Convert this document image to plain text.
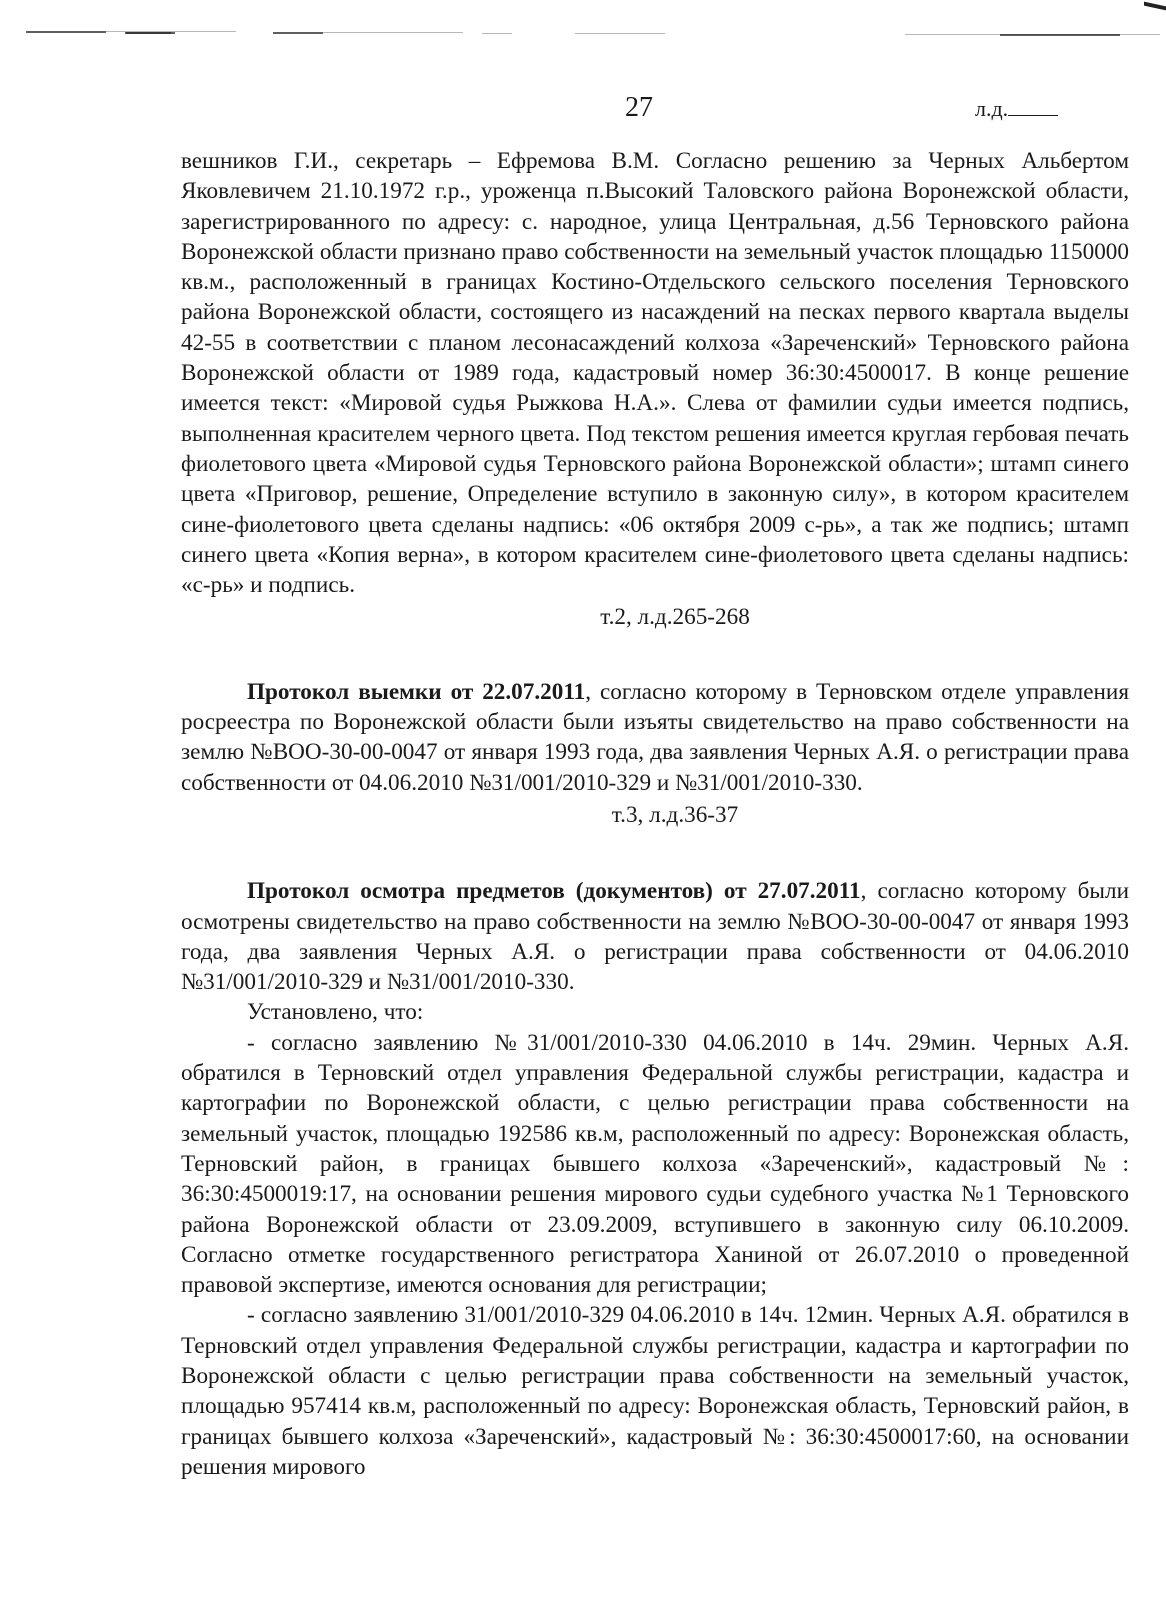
27	л.д.

вешников Г.И., секретарь – Ефремова В.М. Согласно решению за Черных Альбертом Яковлевичем 21.10.1972 г.р., уроженца п.Высокий Таловского района Воронежской области, зарегистрированного по адресу: с. народное, улица Центральная, д.56 Терновского района Воронежской области признано право собственности на земельный участок площадью 1150000 кв.м., расположенный в границах Костино-Отдельского сельского поселения Терновского района Воронежской области, состоящего из насаждений на песках первого квартала выделы 42-55 в соответствии с планом лесонасаждений колхоза «Зареченский» Терновского района Воронежской области от 1989 года, кадастровый номер 36:30:4500017. В конце решение имеется текст: «Мировой судья Рыжкова Н.А.». Слева от фамилии судьи имеется подпись, выполненная красителем черного цвета. Под текстом решения имеется круглая гербовая печать фиолетового цвета «Мировой судья Терновского района Воронежской области»; штамп синего цвета «Приговор, решение, Определение вступило в законную силу», в котором красителем сине-фиолетового цвета сделаны надпись: «06 октября 2009 с-рь», а так же подпись; штамп синего цвета «Копия верна», в котором красителем сине-фиолетового цвета сделаны надпись: «с-рь» и подпись.

т.2, л.д.265-268

Протокол выемки от 22.07.2011, согласно которому в Терновском отделе управления росреестра по Воронежской области были изъяты свидетельство на право собственности на землю №ВОО-30-00-0047 от января 1993 года, два заявления Черных А.Я. о регистрации права собственности от 04.06.2010 №31/001/2010-329 и №31/001/2010-330.

т.3, л.д.36-37

Протокол осмотра предметов (документов) от 27.07.2011, согласно которому были осмотрены свидетельство на право собственности на землю №ВОО-30-00-0047 от января 1993 года, два заявления Черных А.Я. о регистрации права собственности от 04.06.2010 №31/001/2010-329 и №31/001/2010-330.

Установлено, что:

- согласно заявлению №31/001/2010-330 04.06.2010 в 14ч. 29мин. Черных А.Я. обратился в Терновский отдел управления Федеральной службы регистрации, кадастра и картографии по Воронежской области, с целью регистрации права собственности на земельный участок, площадью 192586 кв.м, расположенный по адресу: Воронежская область, Терновский район, в границах бывшего колхоза «Зареченский», кадастровый №: 36:30:4500019:17, на основании решения мирового судьи судебного участка №1 Терновского района Воронежской области от 23.09.2009, вступившего в законную силу 06.10.2009. Согласно отметке государственного регистратора Ханиной от 26.07.2010 о проведенной правовой экспертизе, имеются основания для регистрации;

- согласно заявлению 31/001/2010-329 04.06.2010 в 14ч. 12мин. Черных А.Я. обратился в Терновский отдел управления Федеральной службы регистрации, кадастра и картографии по Воронежской области с целью регистрации права собственности на земельный участок, площадью 957414 кв.м, расположенный по адресу: Воронежская область, Терновский район, в границах бывшего колхоза «Зареченский», кадастровый №: 36:30:4500017:60, на основании решения мирового
